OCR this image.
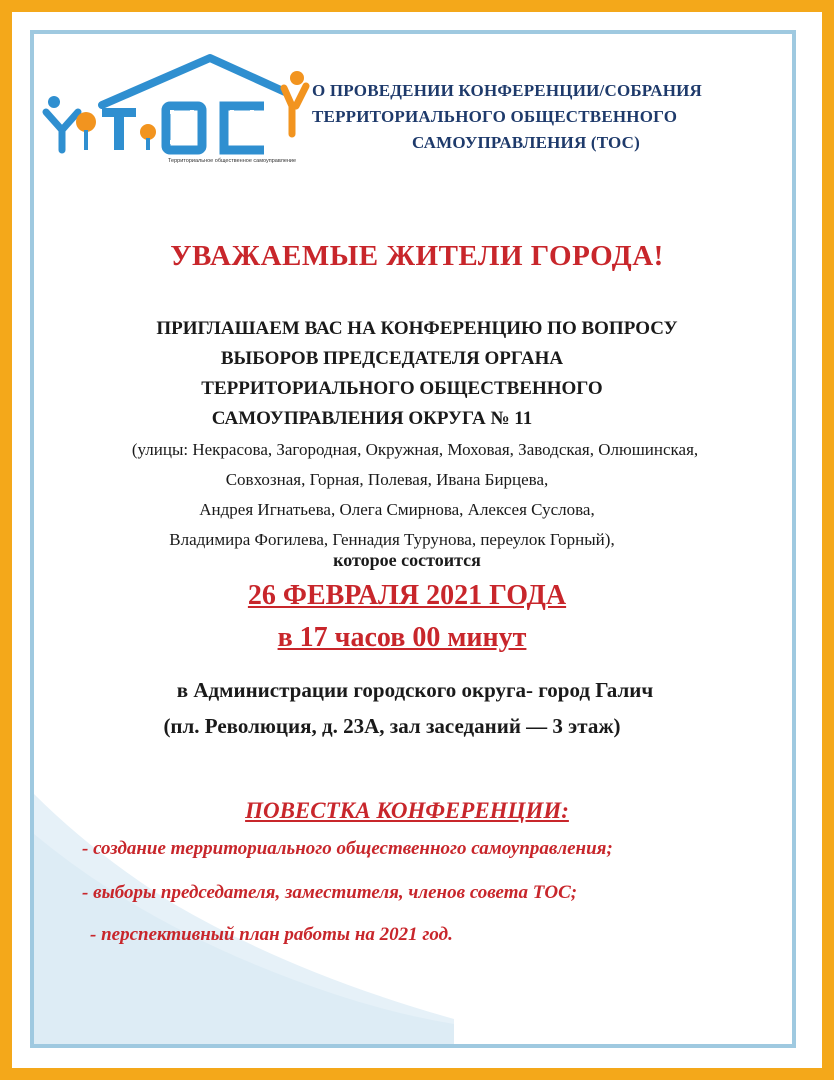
Территориальное общественное самоуправление
О ПРОВЕДЕНИИ КОНФЕРЕНЦИИ/СОБРАНИЯ
ТЕРРИТОРИАЛЬНОГО ОБЩЕСТВЕННОГО
САМОУПРАВЛЕНИЯ (ТОС)
УВАЖАЕМЫЕ ЖИТЕЛИ ГОРОДА!
ПРИГЛАШАЕМ ВАС НА КОНФЕРЕНЦИЮ ПО ВОПРОСУ
ВЫБОРОВ ПРЕДСЕДАТЕЛЯ ОРГАНА
ТЕРРИТОРИАЛЬНОГО ОБЩЕСТВЕННОГО
САМОУПРАВЛЕНИЯ ОКРУГА № 11
(улицы: Некрасова, Загородная, Окружная, Моховая, Заводская, Олюшинская,
Совхозная, Горная, Полевая, Ивана Бирцева,
Андрея Игнатьева, Олега Смирнова, Алексея Суслова,
Владимира Фогилева, Геннадия Турунова, переулок Горный),
которое состоится
26 ФЕВРАЛЯ 2021 ГОДА
в 17 часов 00 минут
в Администрации городского округа- город Галич
(пл. Революция, д. 23А, зал заседаний — 3 этаж)
ПОВЕСТКА КОНФЕРЕНЦИИ:
- создание территориального общественного самоуправления;
- выборы председателя, заместителя, членов совета ТОС;
- перспективный план работы на 2021 год.
